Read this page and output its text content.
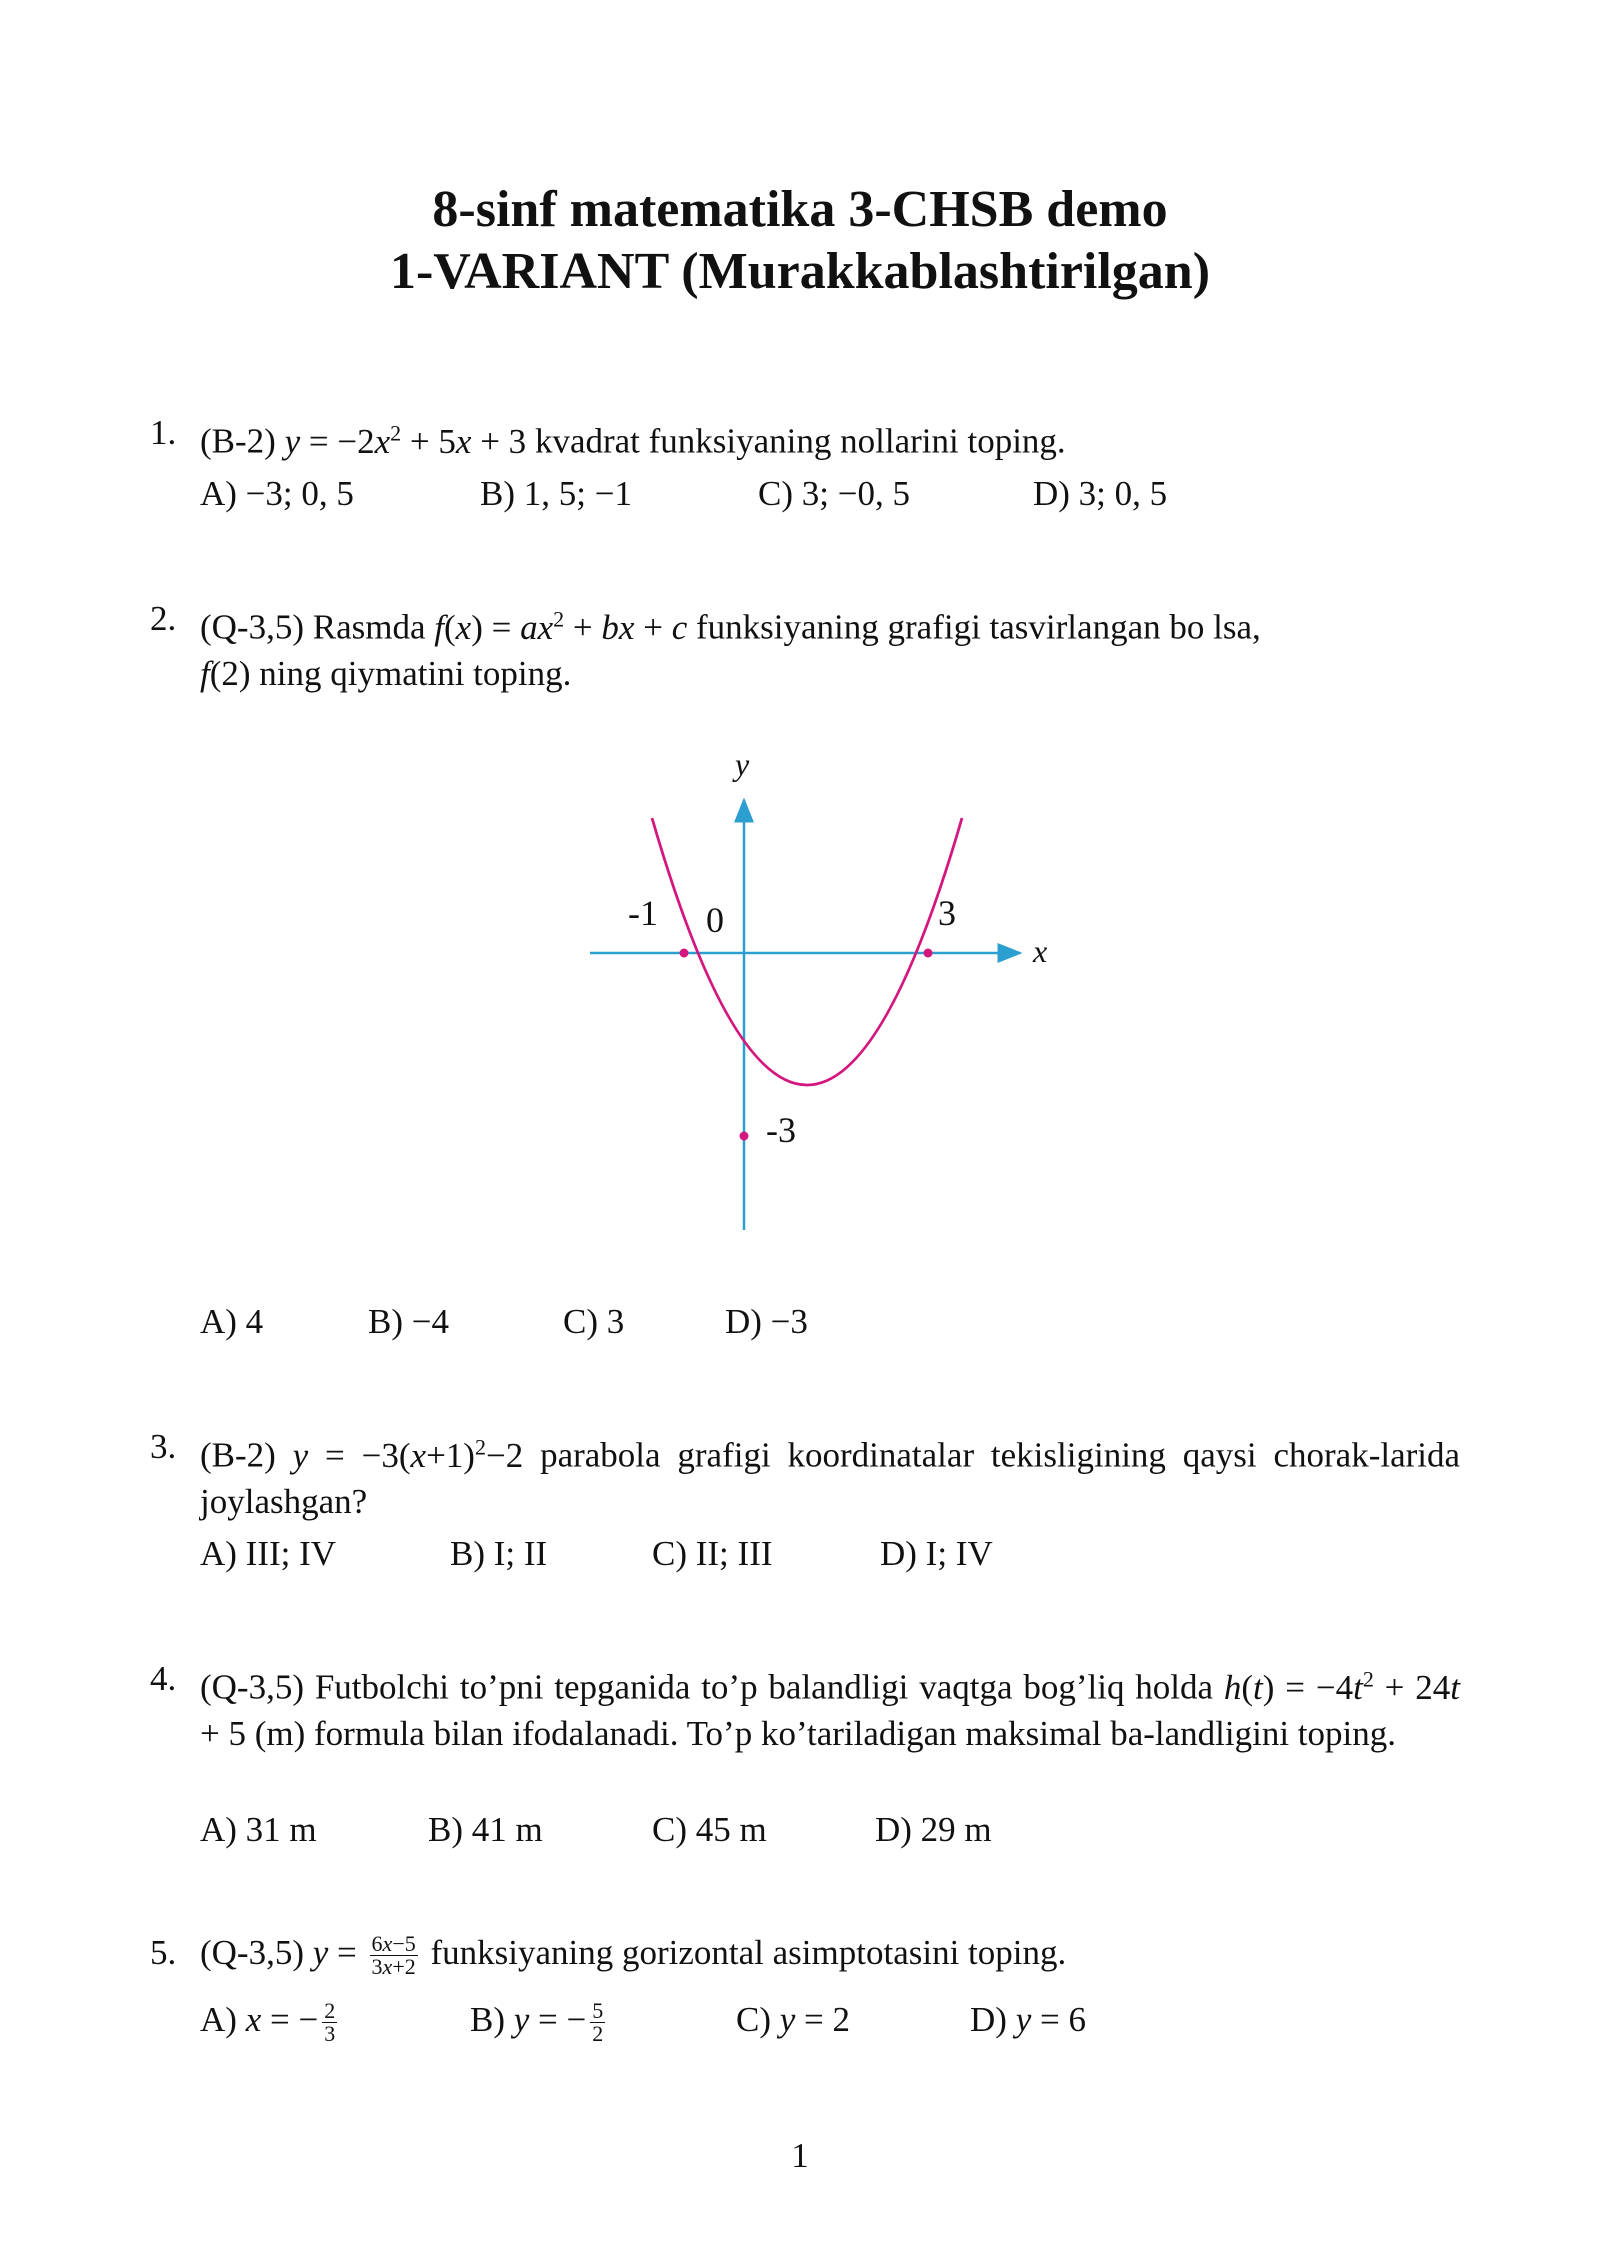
8-sinf matematika 3-CHSB demo
1-VARIANT (Murakkablashtirilgan)
1. (B-2) $y = -2x^2 + 5x + 3$ kvadrat funksiyaning nollarini toping.
A) −3; 0, 5	B) 1, 5; −1	C) 3; −0, 5	D) 3; 0, 5
2. (Q-3,5) Rasmda $f(x) = ax^2$ + bx + c funksiyaning grafigi tasvirlangan bo lsa,
f(2) ning qiymatini toping.
y
x
-1 0	3
-3
A) 4	B) −4	C) 3	D) −3
3. (B-2) $y = -3(x+1)^2-2$ parabola grafigi koordinatalar tekisligining qaysi chorak-larida joylashgan?
A) III; IV	B) I; II	C) II; III	D) I; IV
4. (Q-3,5) Futbolchi to’pni tepganida to’p balandligi vaqtga bog’liq holda $h(t) = -4t^2 + 24t + 5$ (m) formula bilan ifodalanadi. To’p ko’tariladigan maksimal ba-landligini toping.
A) 31 m	B) 41 m	C) 45 m	D) 29 m
5. (Q-3,5) $y = \frac{6x-5}{3x+2}$ funksiyaning gorizontal asimptotasini toping.
A) x = − $\frac{2}{3}$	B) y = − $\frac{5}{2}$	C) y = 2	D) y = 6
1
